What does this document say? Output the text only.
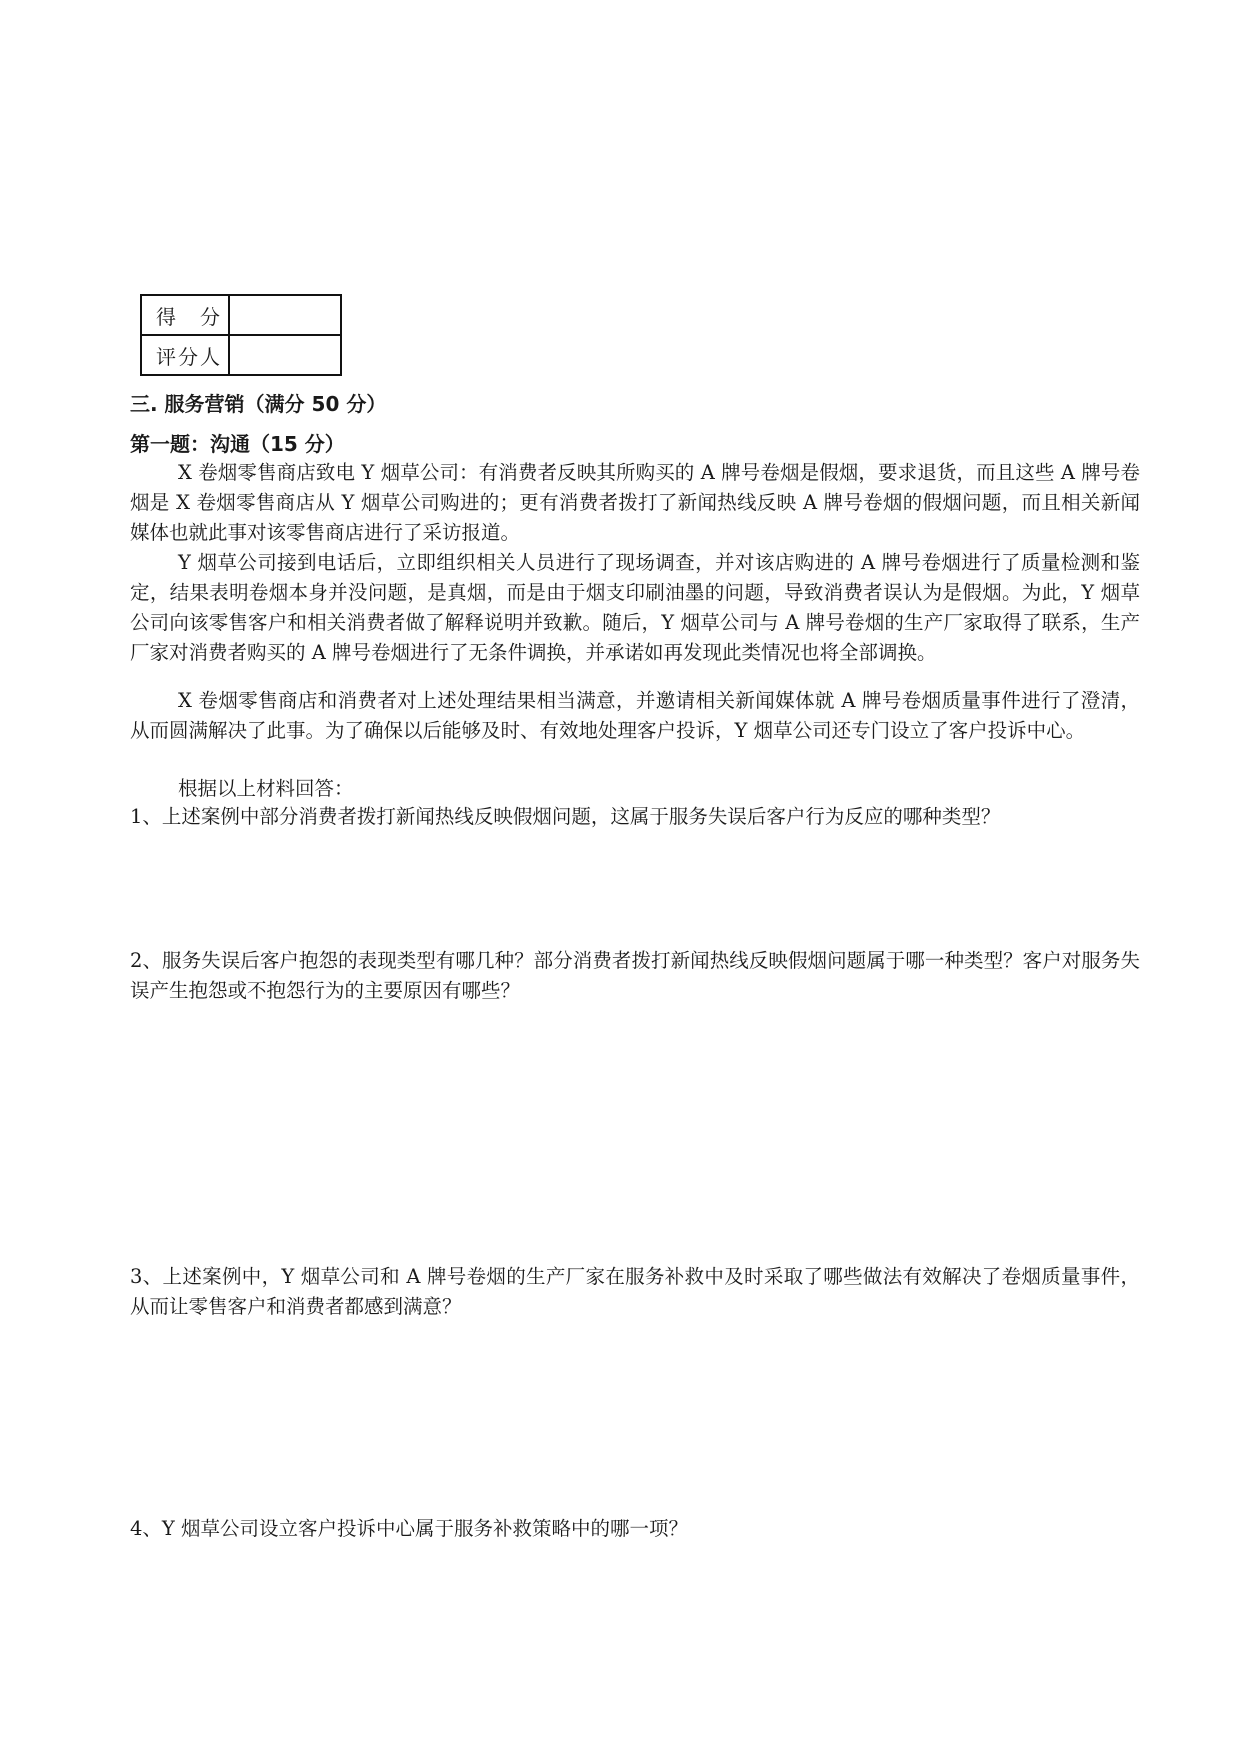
得　分	
评分人	
三. 服务营销（满分 50 分）
第一题：沟通（15 分）

X 卷烟零售商店致电 Y 烟草公司：有消费者反映其所购买的 A 牌号卷烟是假烟，要求退货，而且这些 A 牌号卷烟是 X 卷烟零售商店从 Y 烟草公司购进的；更有消费者拨打了新闻热线反映 A 牌号卷烟的假烟问题，而且相关新闻媒体也就此事对该零售商店进行了采访报道。

Y 烟草公司接到电话后，立即组织相关人员进行了现场调查，并对该店购进的 A 牌号卷烟进行了质量检测和鉴定，结果表明卷烟本身并没问题，是真烟，而是由于烟支印刷油墨的问题，导致消费者误认为是假烟。为此，Y 烟草公司向该零售客户和相关消费者做了解释说明并致歉。随后，Y 烟草公司与 A 牌号卷烟的生产厂家取得了联系，生产厂家对消费者购买的 A 牌号卷烟进行了无条件调换，并承诺如再发现此类情况也将全部调换。

X 卷烟零售商店和消费者对上述处理结果相当满意，并邀请相关新闻媒体就 A 牌号卷烟质量事件进行了澄清，从而圆满解决了此事。为了确保以后能够及时、有效地处理客户投诉，Y 烟草公司还专门设立了客户投诉中心。

根据以上材料回答：

1、上述案例中部分消费者拨打新闻热线反映假烟问题，这属于服务失误后客户行为反应的哪种类型？

2、服务失误后客户抱怨的表现类型有哪几种？部分消费者拨打新闻热线反映假烟问题属于哪一种类型？客户对服务失误产生抱怨或不抱怨行为的主要原因有哪些？

3、上述案例中，Y 烟草公司和 A 牌号卷烟的生产厂家在服务补救中及时采取了哪些做法有效解决了卷烟质量事件，从而让零售客户和消费者都感到满意？

4、Y 烟草公司设立客户投诉中心属于服务补救策略中的哪一项？
